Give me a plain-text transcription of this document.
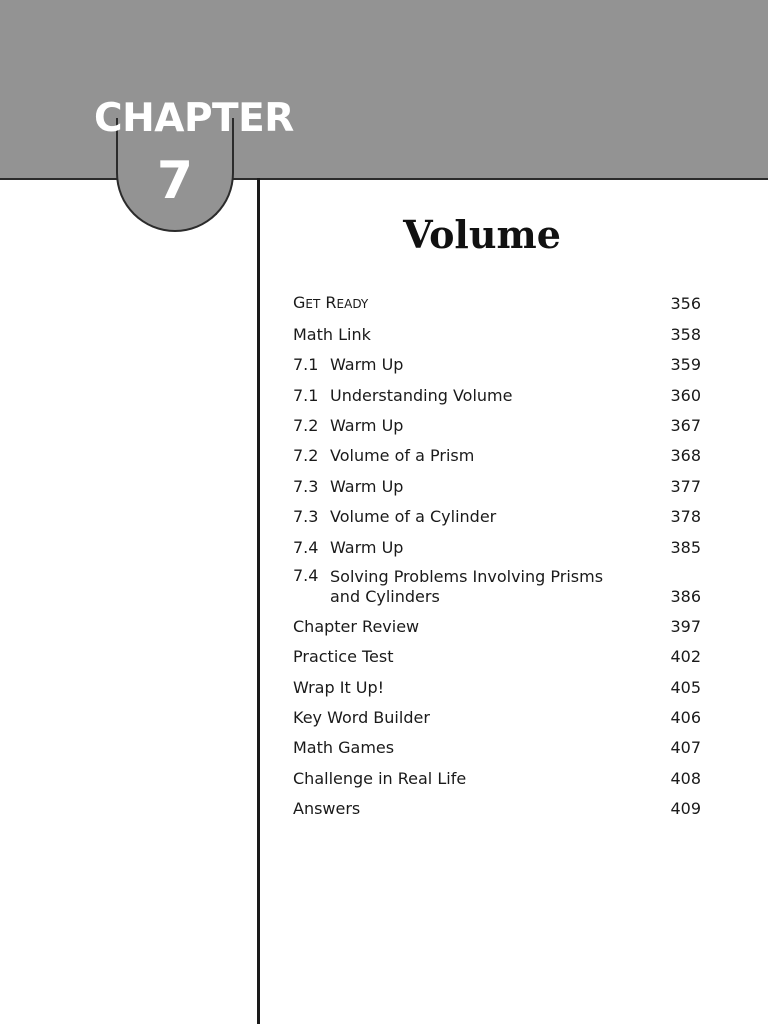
CHAPTER
7
Volume
GET READY	356
Math Link	358
7.1 Warm Up	359
7.1 Understanding Volume	360
7.2 Warm Up	367
7.2 Volume of a Prism	368
7.3 Warm Up	377
7.3 Volume of a Cylinder	378
7.4 Warm Up	385
7.4 Solving Problems Involving Prisms
and Cylinders	386
Chapter Review	397
Practice Test	402
Wrap It Up!	405
Key Word Builder	406
Math Games	407
Challenge in Real Life	408
Answers	409
